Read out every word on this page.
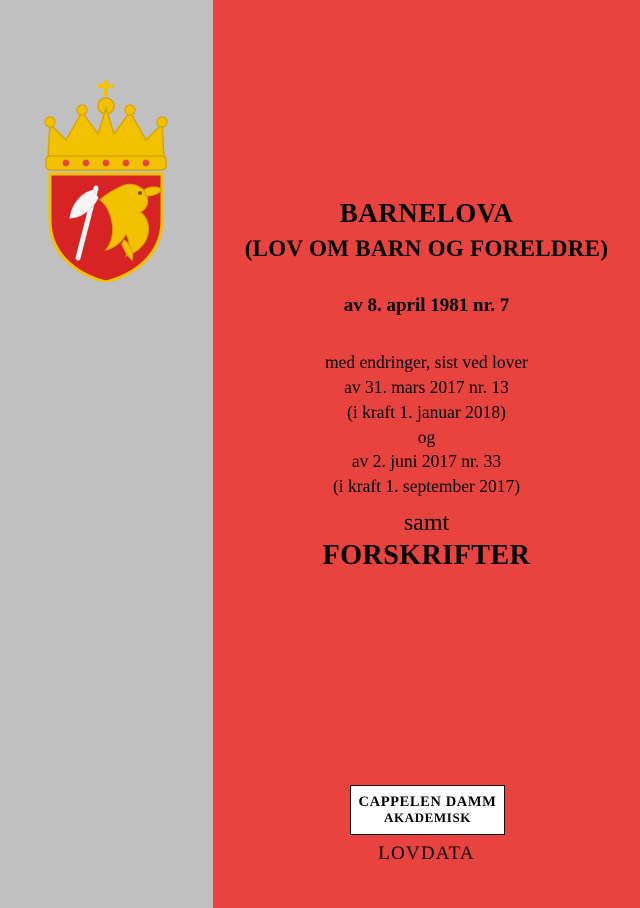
BARNELOVA
(LOV OM BARN OG FORELDRE)
av 8. april 1981 nr. 7
med endringer, sist ved lover
av 31. mars 2017 nr. 13
(i kraft 1. januar 2018)
og
av 2. juni 2017 nr. 33
(i kraft 1. september 2017)
samt
FORSKRIFTER
CAPPELEN DAMM
AKADEMISK
LOVDATA
